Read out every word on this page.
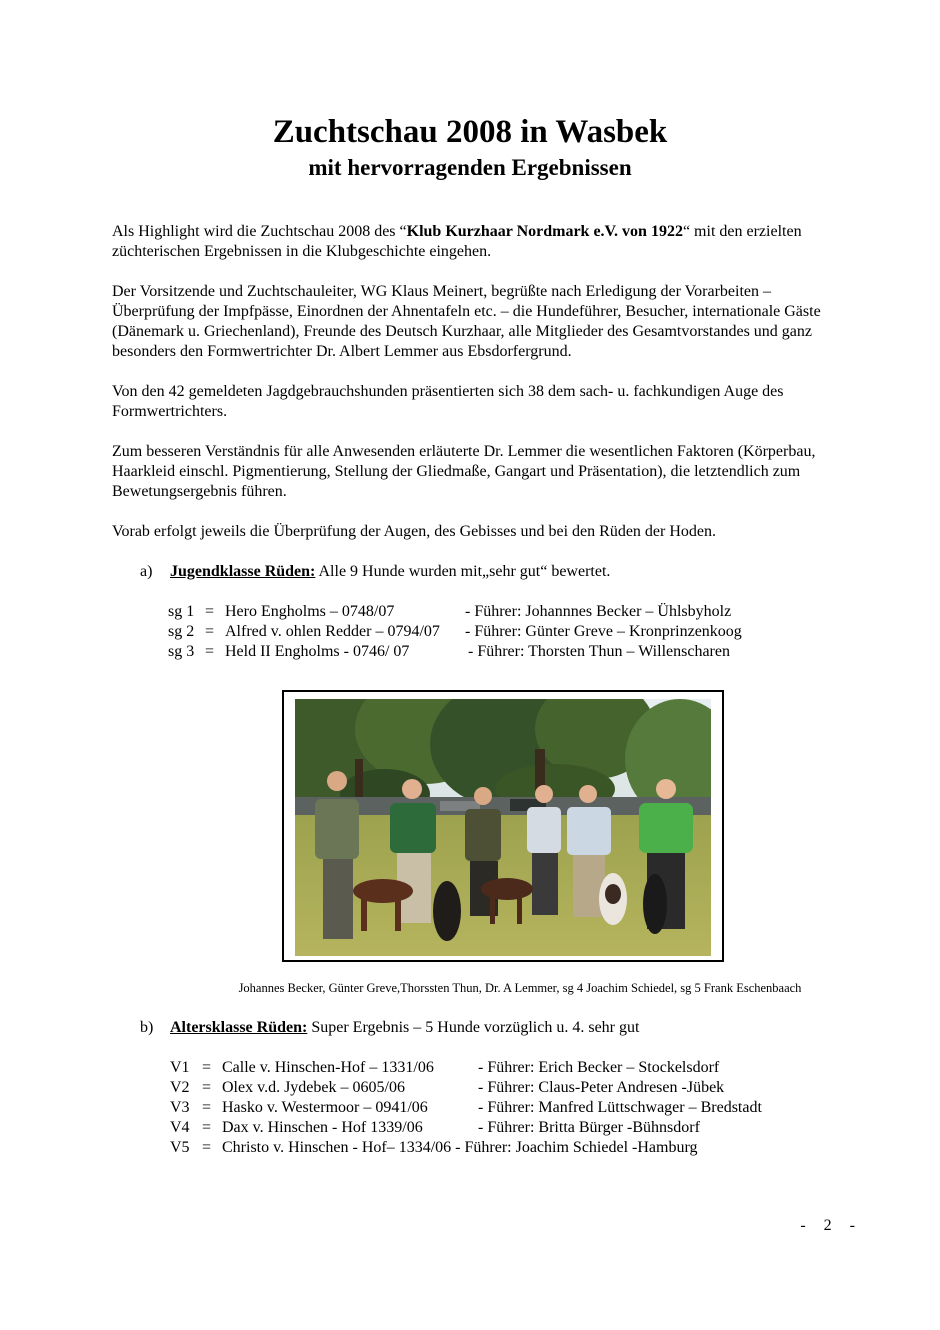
Zuchtschau 2008 in Wasbek
mit hervorragenden Ergebnissen

Als Highlight wird die Zuchtschau 2008 des “Klub Kurzhaar Nordmark e.V. von 1922“ mit den erzielten züchterischen Ergebnissen in die Klubgeschichte eingehen.

Der Vorsitzende und Zuchtschauleiter, WG Klaus Meinert, begrüßte nach Erledigung der Vorarbeiten – Überprüfung der Impfpässe, Einordnen der Ahnentafeln etc. – die Hundeführer, Besucher, internationale Gäste (Dänemark u. Griechenland), Freunde des Deutsch Kurzhaar, alle Mitglieder des Gesamtvorstandes und ganz besonders den Formwertrichter Dr. Albert Lemmer aus Ebsdorfergrund.

Von den 42 gemeldeten Jagdgebrauchshunden präsentierten sich 38 dem sach- u. fachkundigen Auge des Formwertrichters.

Zum besseren Verständnis für alle Anwesenden erläuterte Dr. Lemmer die wesentlichen Faktoren (Körperbau, Haarkleid einschl. Pigmentierung, Stellung der Gliedmaße, Gangart und Präsentation), die letztendlich zum Bewetungsergebnis führen.

Vorab erfolgt jeweils die Überprüfung der Augen, des Gebisses und bei den Rüden der Hoden.

a) Jugendklasse Rüden: Alle 9 Hunde wurden mit„sehr gut“ bewertet.
sg 1 = Hero Engholms – 0748/07	- Führer: Johannnes Becker – Ühlsbyholz
sg 2 = Alfred v. ohlen Redder – 0794/07 - Führer: Günter Greve – Kronprinzenkoog
sg 3 = Held II Engholms - 0746/ 07	- Führer: Thorsten Thun – Willenscharen
Johannes Becker, Günter Greve,Thorssten Thun, Dr. A Lemmer, sg 4 Joachim Schiedel, sg 5 Frank Eschenbaach
b) Altersklasse Rüden: Super Ergebnis – 5 Hunde vorzüglich u. 4. sehr gut
V1 = Calle v. Hinschen-Hof – 1331/06	- Führer: Erich Becker – Stockelsdorf
V2 = Olex v.d. Jydebek – 0605/06	- Führer: Claus-Peter Andresen -Jübek
V3 = Hasko v. Westermoor – 0941/06	- Führer: Manfred Lüttschwager – Bredstadt
V4 = Dax v. Hinschen - Hof 1339/06	- Führer: Britta Bürger -Bühnsdorf
V5 = Christo v. Hinschen - Hof– 1334/06 - Führer: Joachim Schiedel -Hamburg
- 2 -
